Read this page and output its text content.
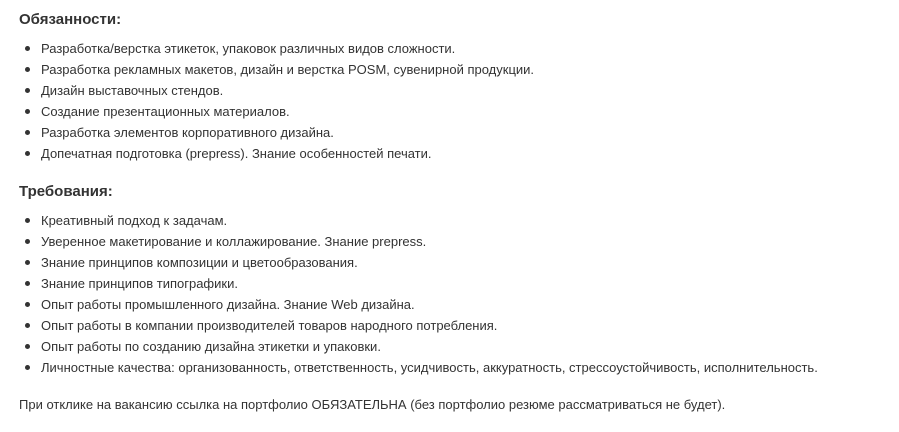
Обязанности:
Разработка/верстка этикеток, упаковок различных видов сложности.
Разработка рекламных макетов, дизайн и верстка POSM, сувенирной продукции.
Дизайн выставочных стендов.
Создание презентационных материалов.
Разработка элементов корпоративного дизайна.
Допечатная подготовка (prepress). Знание особенностей печати.
Требования:
Креативный подход к задачам.
Уверенное макетирование и коллажирование. Знание prepress.
Знание принципов композиции и цветообразования.
Знание принципов типографики.
Опыт работы промышленного дизайна. Знание Web дизайна.
Опыт работы в компании производителей товаров народного потребления.
Опыт работы по созданию дизайна этикетки и упаковки.
Личностные качества: организованность, ответственность, усидчивость, аккуратность, стрессоустойчивость, исполнительность.

При отклике на вакансию ссылка на портфолио ОБЯЗАТЕЛЬНА (без портфолио резюме рассматриваться не будет).
